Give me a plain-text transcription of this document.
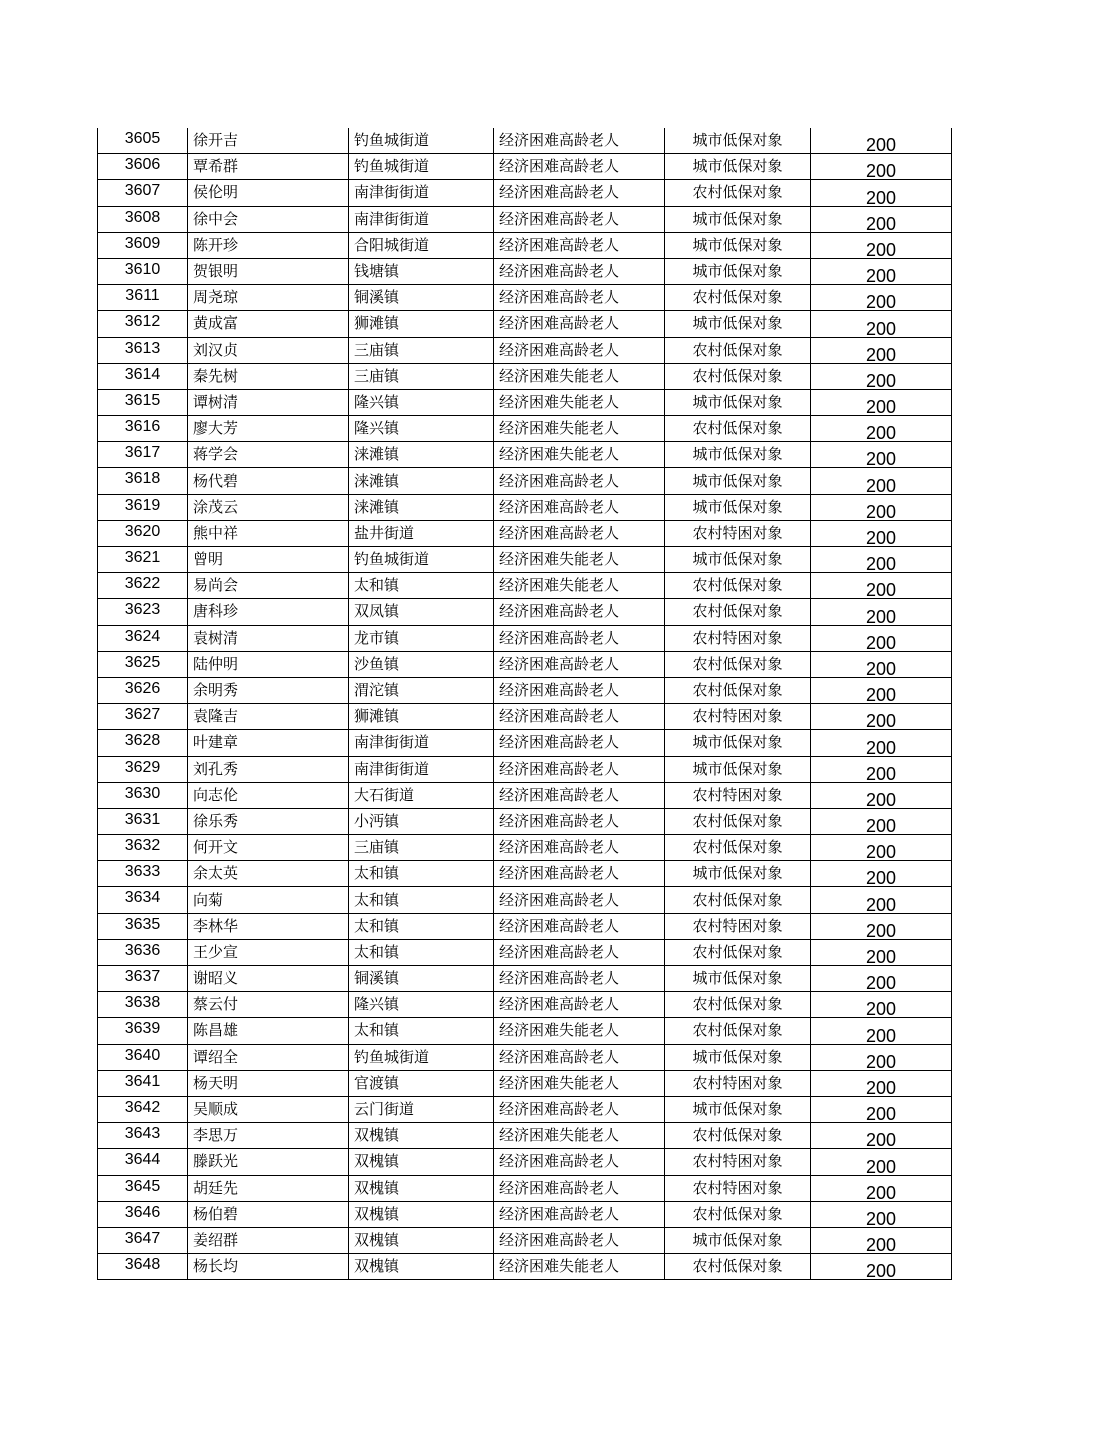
3605	徐开吉	钓鱼城街道	经济困难高龄老人	城市低保对象	200
3606	覃希群	钓鱼城街道	经济困难高龄老人	城市低保对象	200
3607	侯伦明	南津街街道	经济困难高龄老人	农村低保对象	200
3608	徐中会	南津街街道	经济困难高龄老人	城市低保对象	200
3609	陈开珍	合阳城街道	经济困难高龄老人	城市低保对象	200
3610	贺银明	钱塘镇	经济困难高龄老人	城市低保对象	200
3611	周尧琼	铜溪镇	经济困难高龄老人	农村低保对象	200
3612	黄成富	狮滩镇	经济困难高龄老人	城市低保对象	200
3613	刘汉贞	三庙镇	经济困难高龄老人	农村低保对象	200
3614	秦先树	三庙镇	经济困难失能老人	农村低保对象	200
3615	谭树清	隆兴镇	经济困难失能老人	城市低保对象	200
3616	廖大芳	隆兴镇	经济困难失能老人	农村低保对象	200
3617	蒋学会	涞滩镇	经济困难失能老人	城市低保对象	200
3618	杨代碧	涞滩镇	经济困难高龄老人	城市低保对象	200
3619	涂茂云	涞滩镇	经济困难高龄老人	城市低保对象	200
3620	熊中祥	盐井街道	经济困难高龄老人	农村特困对象	200
3621	曾明	钓鱼城街道	经济困难失能老人	城市低保对象	200
3622	易尚会	太和镇	经济困难失能老人	农村低保对象	200
3623	唐科珍	双凤镇	经济困难高龄老人	农村低保对象	200
3624	袁树清	龙市镇	经济困难高龄老人	农村特困对象	200
3625	陆仲明	沙鱼镇	经济困难高龄老人	农村低保对象	200
3626	余明秀	渭沱镇	经济困难高龄老人	农村低保对象	200
3627	袁隆吉	狮滩镇	经济困难高龄老人	农村特困对象	200
3628	叶建章	南津街街道	经济困难高龄老人	城市低保对象	200
3629	刘孔秀	南津街街道	经济困难高龄老人	城市低保对象	200
3630	向志伦	大石街道	经济困难高龄老人	农村特困对象	200
3631	徐乐秀	小沔镇	经济困难高龄老人	农村低保对象	200
3632	何开文	三庙镇	经济困难高龄老人	农村低保对象	200
3633	余太英	太和镇	经济困难高龄老人	城市低保对象	200
3634	向菊	太和镇	经济困难高龄老人	农村低保对象	200
3635	李林华	太和镇	经济困难高龄老人	农村特困对象	200
3636	王少宣	太和镇	经济困难高龄老人	农村低保对象	200
3637	谢昭义	铜溪镇	经济困难高龄老人	城市低保对象	200
3638	蔡云付	隆兴镇	经济困难高龄老人	农村低保对象	200
3639	陈昌雄	太和镇	经济困难失能老人	农村低保对象	200
3640	谭绍全	钓鱼城街道	经济困难高龄老人	城市低保对象	200
3641	杨天明	官渡镇	经济困难失能老人	农村特困对象	200
3642	吴顺成	云门街道	经济困难高龄老人	城市低保对象	200
3643	李思万	双槐镇	经济困难失能老人	农村低保对象	200
3644	滕跃光	双槐镇	经济困难高龄老人	农村特困对象	200
3645	胡廷先	双槐镇	经济困难高龄老人	农村特困对象	200
3646	杨伯碧	双槐镇	经济困难高龄老人	农村低保对象	200
3647	姜绍群	双槐镇	经济困难高龄老人	城市低保对象	200
3648	杨长均	双槐镇	经济困难失能老人	农村低保对象	200
